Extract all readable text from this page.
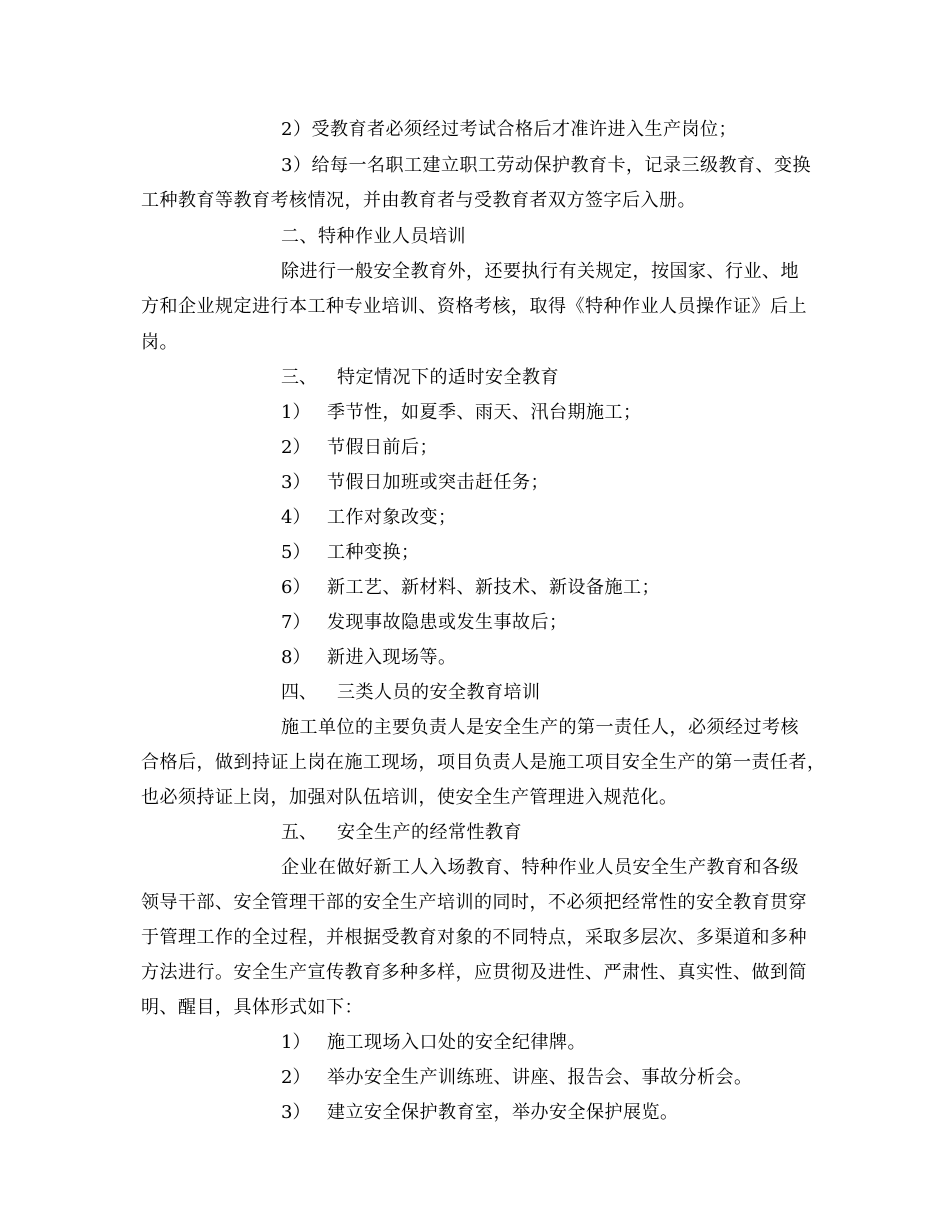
2）受教育者必须经过考试合格后才准许进入生产岗位；
3）给每一名职工建立职工劳动保护教育卡，记录三级教育、变换
工种教育等教育考核情况，并由教育者与受教育者双方签字后入册。
二、特种作业人员培训
除进行一般安全教育外，还要执行有关规定，按国家、行业、地
方和企业规定进行本工种专业培训、资格考核，取得《特种作业人员操作证》后上
岗。
三、 特定情况下的适时安全教育
1） 季节性，如夏季、雨天、汛台期施工；
2） 节假日前后；
3） 节假日加班或突击赶任务；
4） 工作对象改变；
5） 工种变换；
6） 新工艺、新材料、新技术、新设备施工；
7） 发现事故隐患或发生事故后；
8） 新进入现场等。
四、 三类人员的安全教育培训
施工单位的主要负责人是安全生产的第一责任人，必须经过考核
合格后，做到持证上岗在施工现场，项目负责人是施工项目安全生产的第一责任者，
也必须持证上岗，加强对队伍培训，使安全生产管理进入规范化。
五、 安全生产的经常性教育
企业在做好新工人入场教育、特种作业人员安全生产教育和各级
领导干部、安全管理干部的安全生产培训的同时，不必须把经常性的安全教育贯穿
于管理工作的全过程，并根据受教育对象的不同特点，采取多层次、多渠道和多种
方法进行。安全生产宣传教育多种多样，应贯彻及进性、严肃性、真实性、做到简
明、醒目，具体形式如下：
1） 施工现场入口处的安全纪律牌。
2） 举办安全生产训练班、讲座、报告会、事故分析会。
3） 建立安全保护教育室，举办安全保护展览。
